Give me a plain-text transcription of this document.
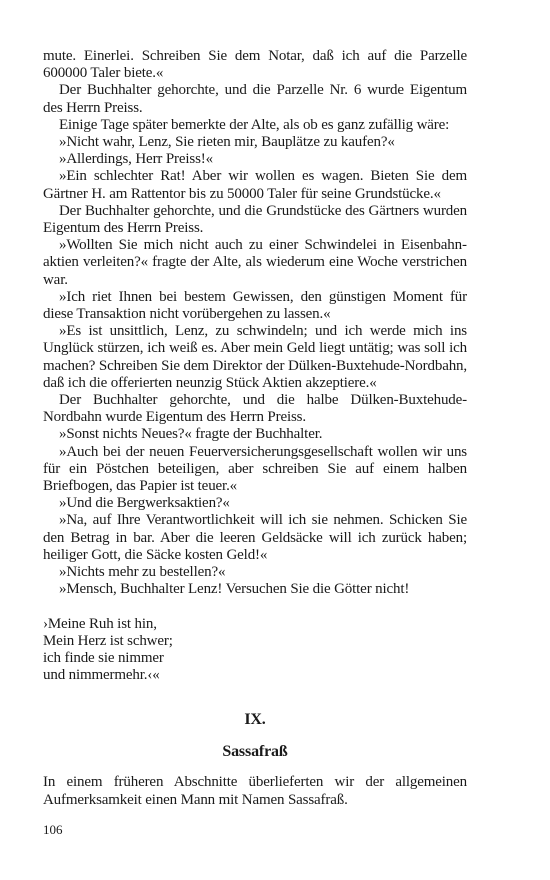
mute. Einerlei. Schreiben Sie dem Notar, daß ich auf die Parzelle 600000 Taler biete.«

Der Buchhalter gehorchte, und die Parzelle Nr. 6 wurde Eigentum des Herrn Preiss.

Einige Tage später bemerkte der Alte, als ob es ganz zufällig wäre:

»Nicht wahr, Lenz, Sie rieten mir, Bauplätze zu kaufen?«

»Allerdings, Herr Preiss!«

»Ein schlechter Rat! Aber wir wollen es wagen. Bieten Sie dem Gärtner H. am Rattentor bis zu 50000 Taler für seine Grundstücke.«

Der Buchhalter gehorchte, und die Grundstücke des Gärtners wurden Eigentum des Herrn Preiss.

»Wollten Sie mich nicht auch zu einer Schwindelei in Eisenbahnaktien verleiten?« fragte der Alte, als wiederum eine Woche verstrichen war.

»Ich riet Ihnen bei bestem Gewissen, den günstigen Moment für diese Transaktion nicht vorübergehen zu lassen.«

»Es ist unsittlich, Lenz, zu schwindeln; und ich werde mich ins Unglück stürzen, ich weiß es. Aber mein Geld liegt untätig; was soll ich machen? Schreiben Sie dem Direktor der Dülken-Buxtehude-Nordbahn, daß ich die offerierten neunzig Stück Aktien akzeptiere.«

Der Buchhalter gehorchte, und die halbe Dülken-Buxtehude-Nordbahn wurde Eigentum des Herrn Preiss.

»Sonst nichts Neues?« fragte der Buchhalter.

»Auch bei der neuen Feuerversicherungsgesellschaft wollen wir uns für ein Pöstchen beteiligen, aber schreiben Sie auf einem halben Briefbogen, das Papier ist teuer.«

»Und die Bergwerksaktien?«

»Na, auf Ihre Verantwortlichkeit will ich sie nehmen. Schicken Sie den Betrag in bar. Aber die leeren Geldsäcke will ich zurück haben; heiliger Gott, die Säcke kosten Geld!«

»Nichts mehr zu bestellen?«

»Mensch, Buchhalter Lenz! Versuchen Sie die Götter nicht!

›Meine Ruh ist hin,
Mein Herz ist schwer;
ich finde sie nimmer
und nimmermehr.‹«
IX.
Sassafraß

In einem früheren Abschnitte überlieferten wir der allgemeinen Aufmerksamkeit einen Mann mit Namen Sassafraß.

106
